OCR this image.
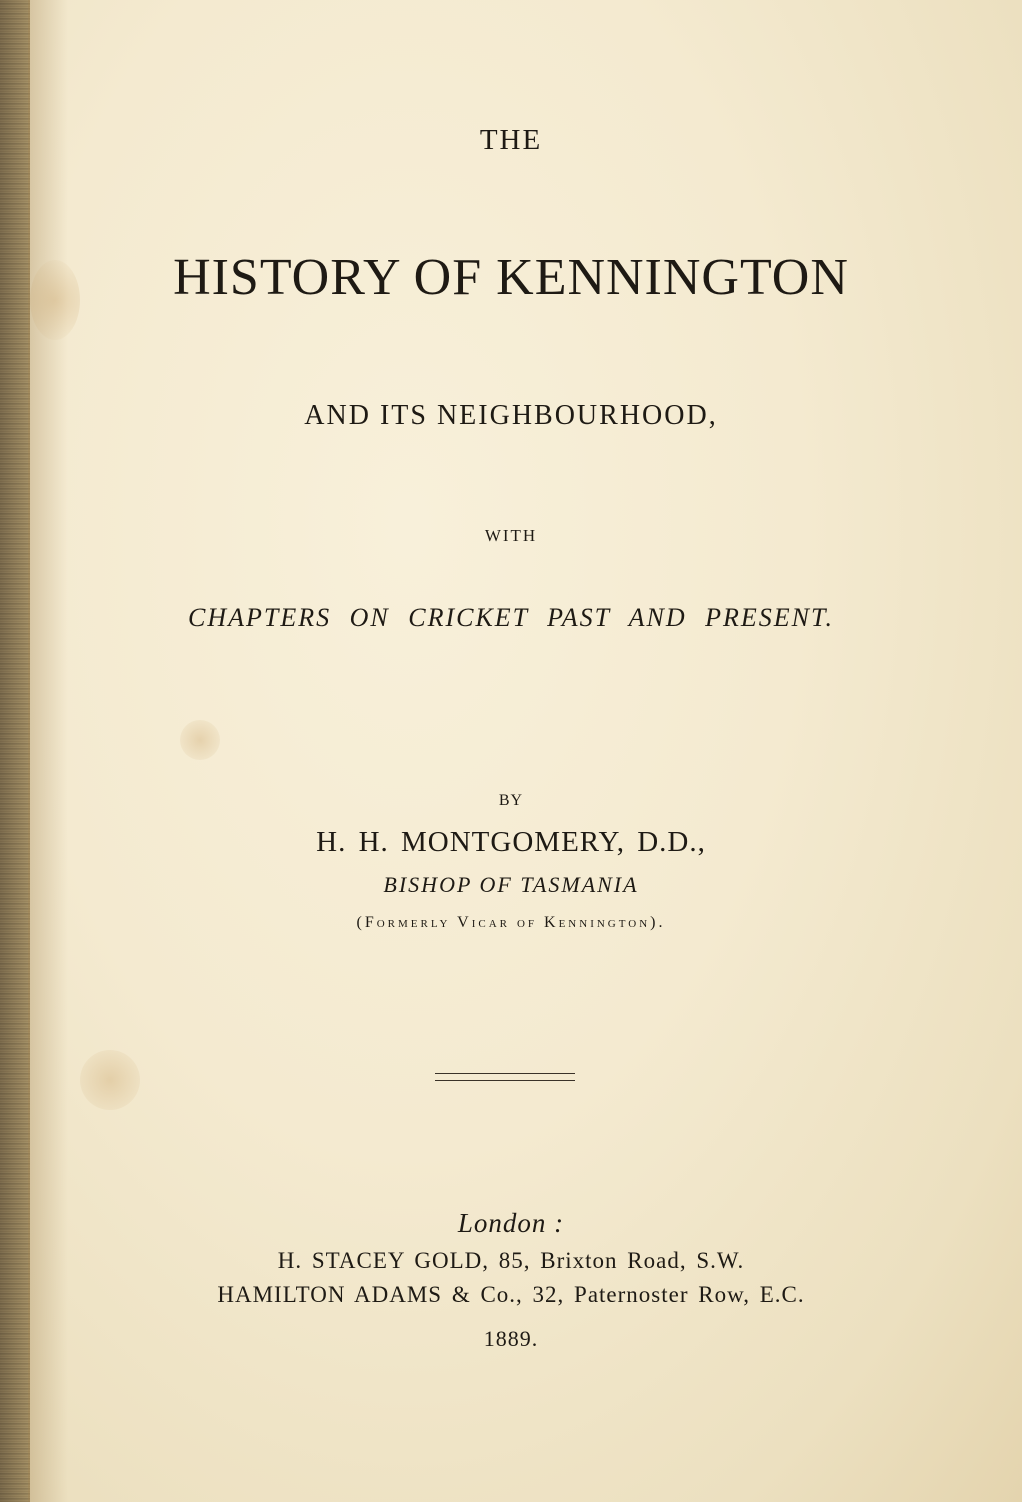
THE
HISTORY OF KENNINGTON
AND ITS NEIGHBOURHOOD,
WITH
CHAPTERS ON CRICKET PAST AND PRESENT.
BY
H. H. MONTGOMERY, D.D.,
BISHOP OF TASMANIA
(Formerly Vicar of Kennington).
London :
H. STACEY GOLD, 85, Brixton Road, S.W.
HAMILTON ADAMS & Co., 32, Paternoster Row, E.C.
1889.
